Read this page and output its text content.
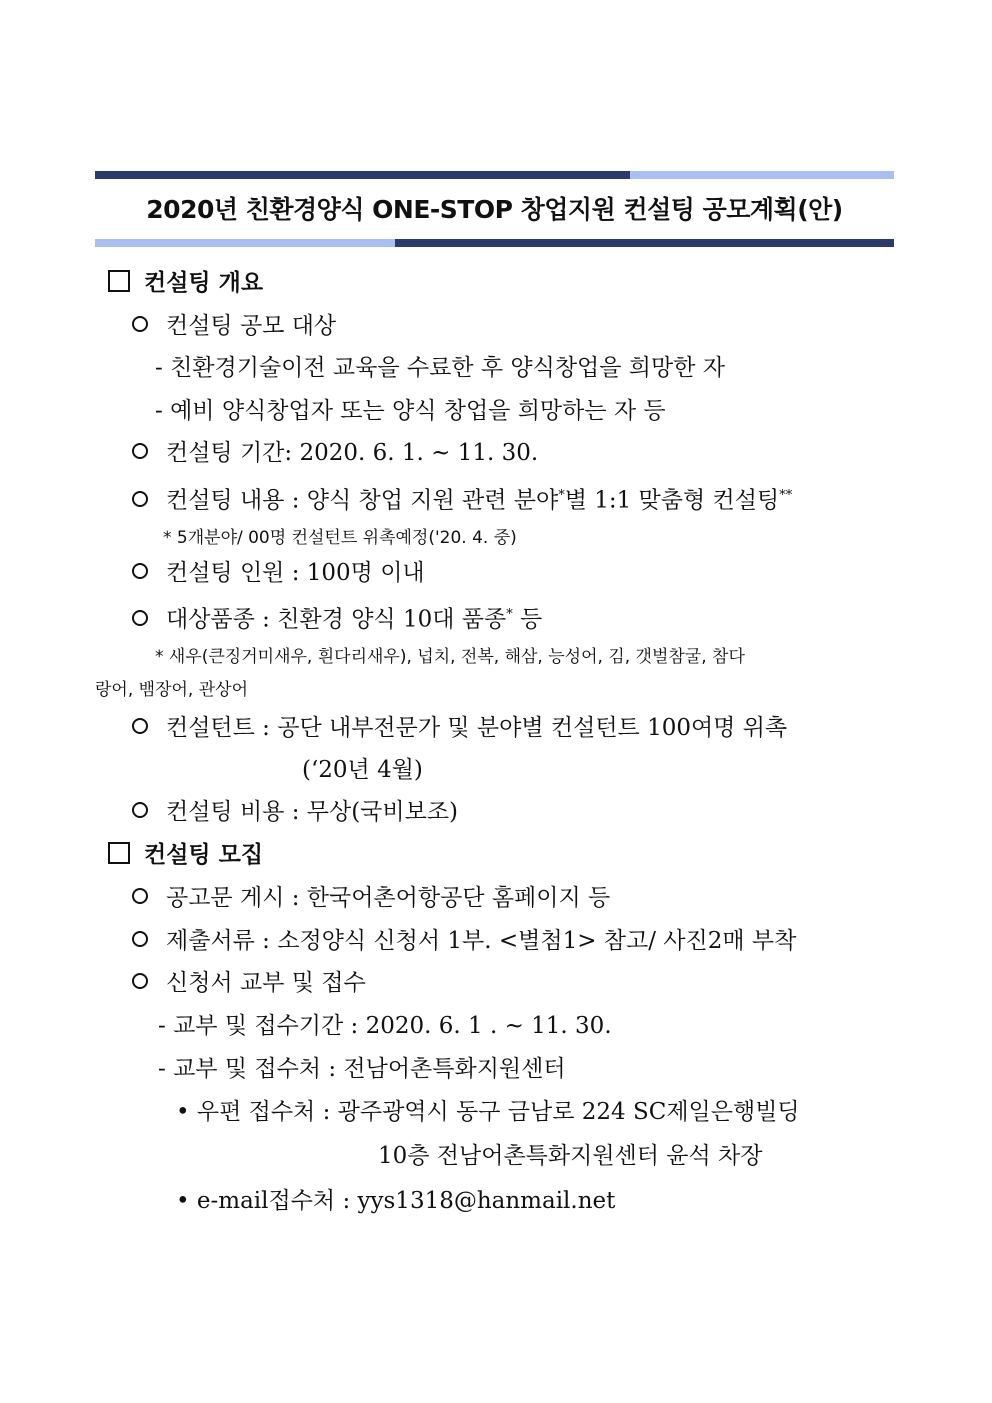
2020년 친환경양식 ONE-STOP 창업지원 컨설팅 공모계획(안)
컨설팅 개요
컨설팅 공모 대상
- 친환경기술이전 교육을 수료한 후 양식창업을 희망한 자
- 예비 양식창업자 또는 양식 창업을 희망하는 자 등
컨설팅 기간: 2020. 6. 1. ~ 11. 30.
컨설팅 내용 : 양식 창업 지원 관련 분야*별 1:1 맞춤형 컨설팅**
* 5개분야/ 00명 컨설턴트 위촉예정('20. 4. 중)
컨설팅 인원 : 100명 이내
대상품종 : 친환경 양식 10대 품종* 등
* 새우(큰징거미새우, 흰다리새우), 넙치, 전복, 해삼, 능성어, 김, 갯벌참굴, 참다
랑어, 뱀장어, 관상어
컨설턴트 : 공단 내부전문가 및 분야별 컨설턴트 100여명 위촉
(‘20년 4월)
컨설팅 비용 : 무상(국비보조)
컨설팅 모집
공고문 게시 : 한국어촌어항공단 홈페이지 등
제출서류 : 소정양식 신청서 1부. <별첨1> 참고/ 사진2매 부착
신청서 교부 및 접수
- 교부 및 접수기간 : 2020. 6. 1 . ~ 11. 30.
- 교부 및 접수처 : 전남어촌특화지원센터
• 우편 접수처 : 광주광역시 동구 금남로 224 SC제일은행빌딩
10층 전남어촌특화지원센터 윤석 차장
• e-mail접수처 : yys1318@hanmail.net
